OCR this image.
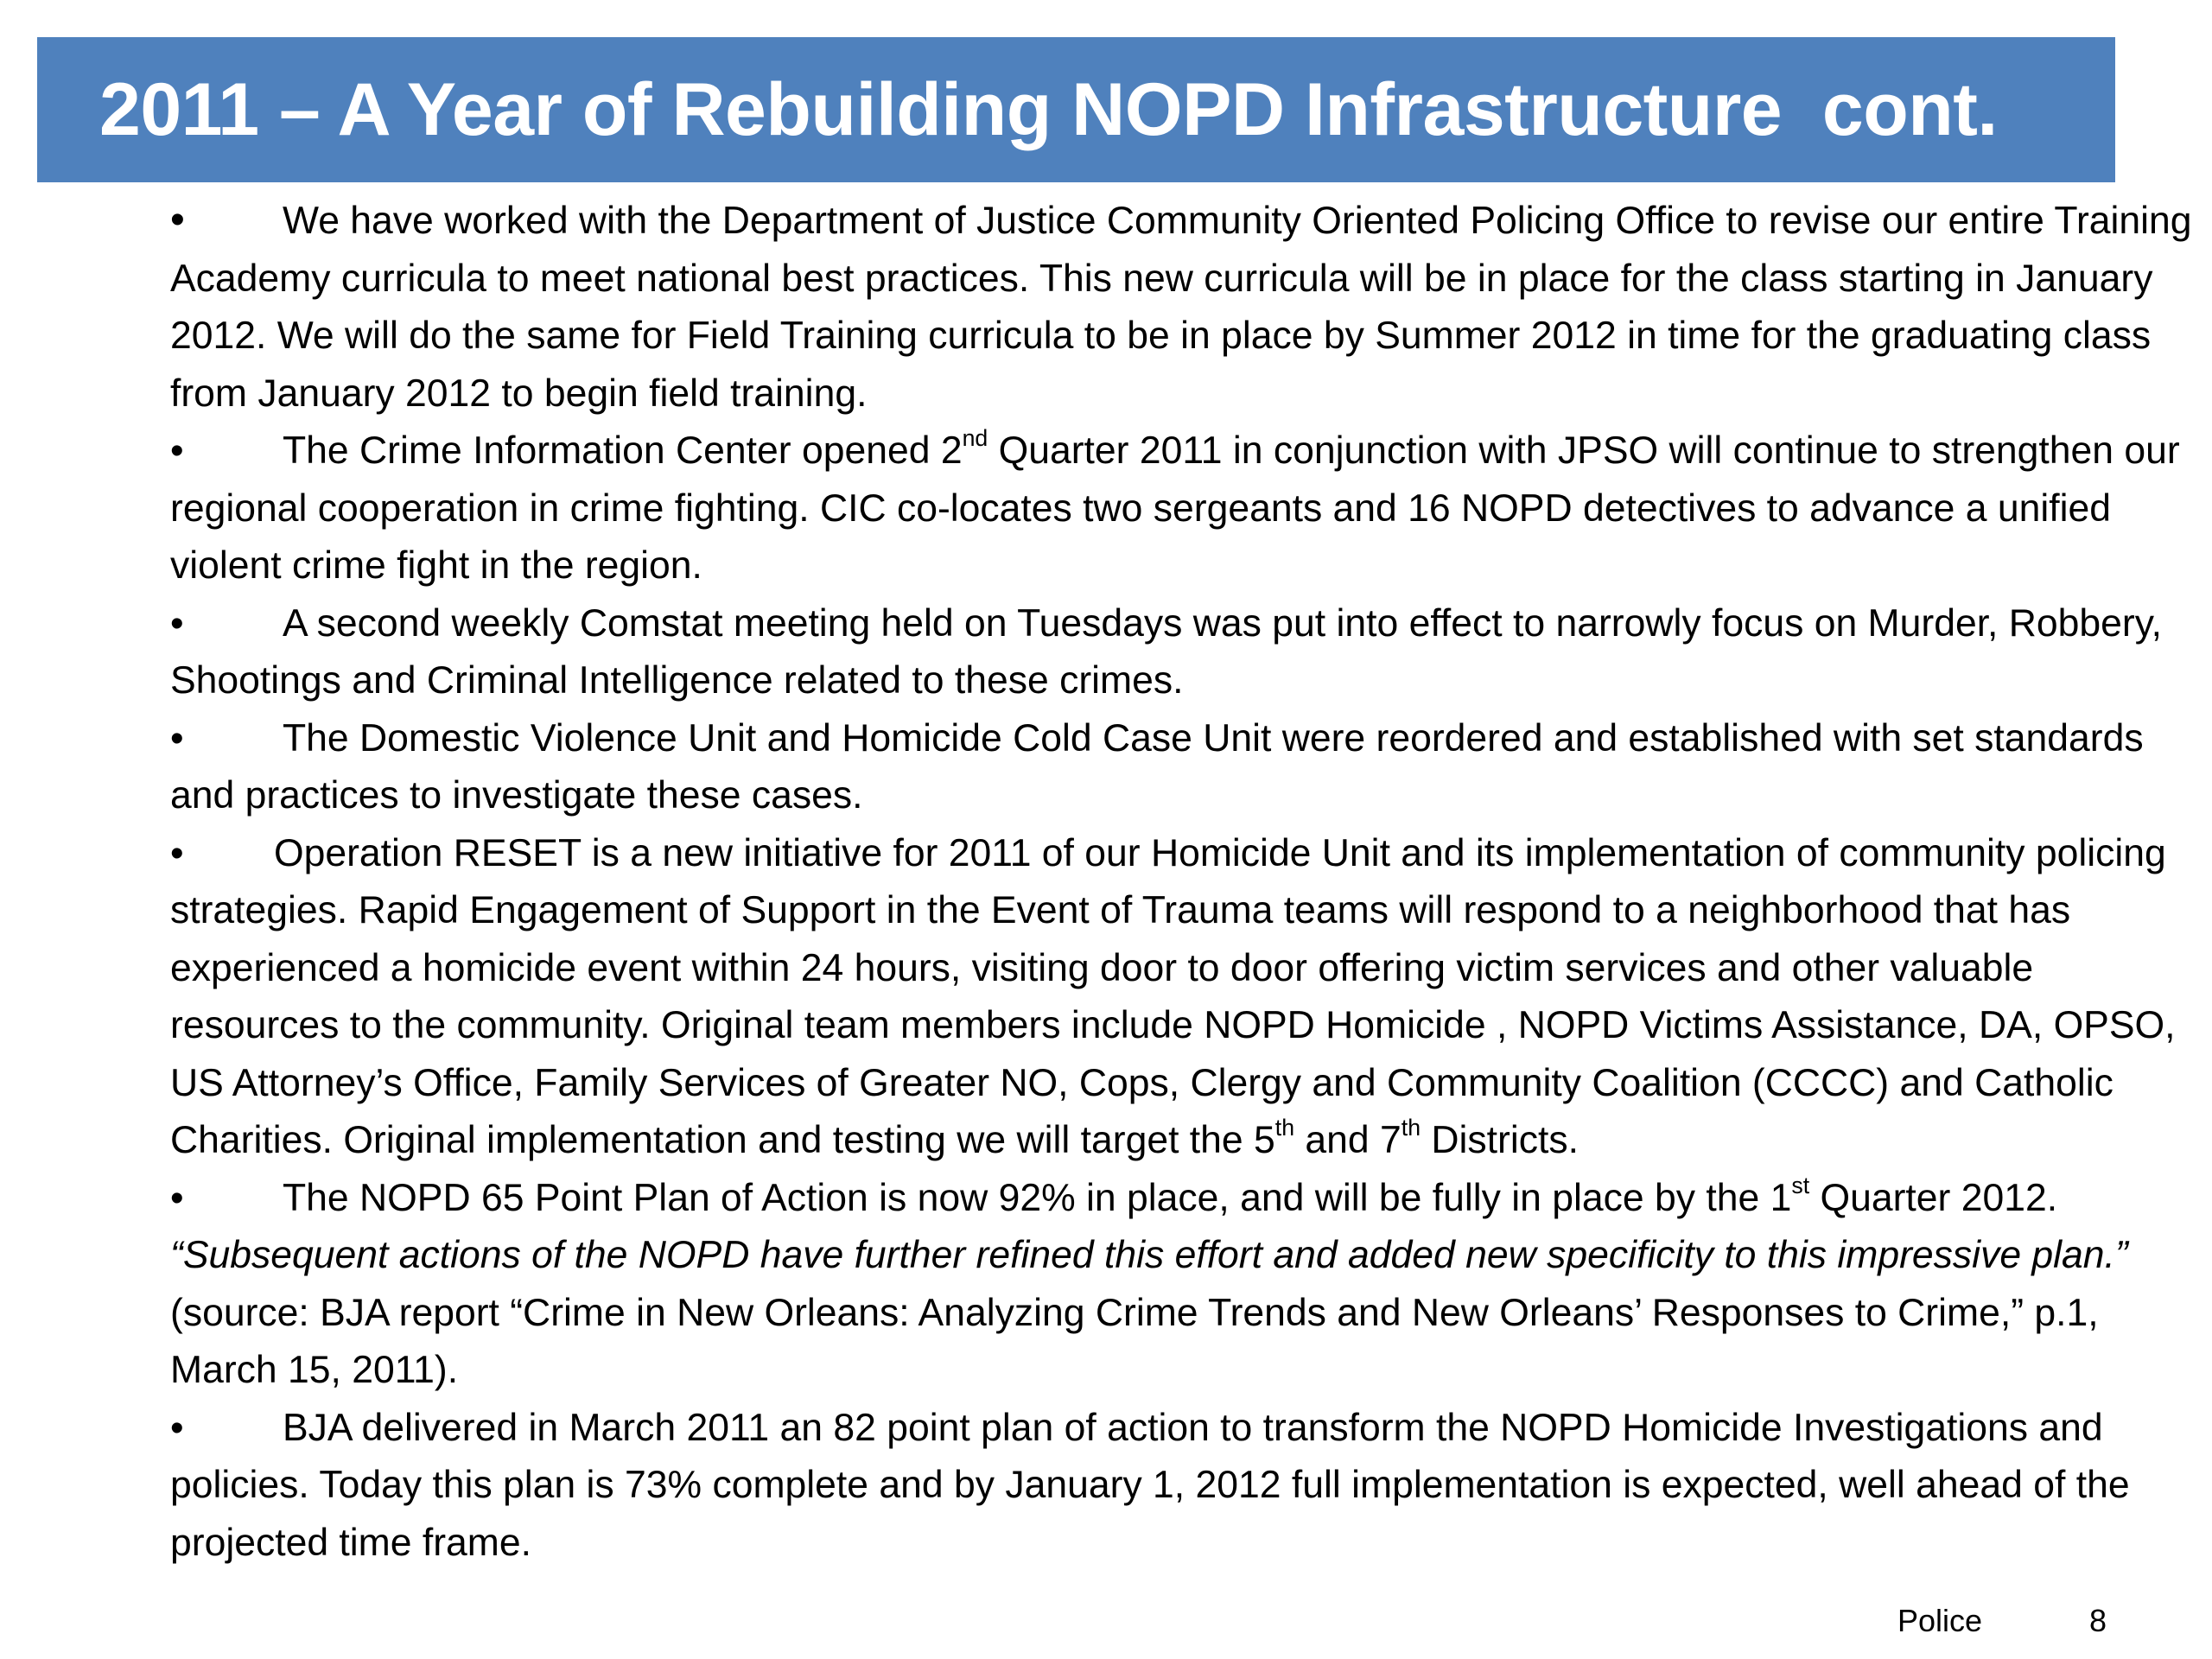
2011 – A Year of Rebuilding NOPD Infrastructure  cont.

•	We have worked with the Department of Justice Community Oriented Policing Office to revise our entire Training Academy curricula to meet national best practices. This new curricula will be in place for the class starting in January 2012. We will do the same for Field Training curricula to be in place by Summer 2012 in time for the graduating class from January 2012 to begin field training.

•	The Crime Information Center opened 2nd Quarter 2011 in conjunction with JPSO will continue to strengthen our regional cooperation in crime fighting. CIC co-locates two sergeants and 16 NOPD detectives to advance a unified violent crime fight in the region.

•	A second weekly Comstat meeting held on Tuesdays was put into effect to narrowly focus on Murder, Robbery, Shootings and Criminal Intelligence related to these crimes.

•	The Domestic Violence Unit and Homicide Cold Case Unit were reordered and established with set standards and practices to investigate these cases.

• Operation RESET is a new initiative for 2011 of our Homicide Unit and its implementation of community policing strategies. Rapid Engagement of Support in the Event of Trauma teams will respond to a neighborhood that has experienced a homicide event within 24 hours, visiting door to door offering victim services and other valuable resources to the community. Original team members include NOPD Homicide , NOPD Victims Assistance, DA, OPSO, US Attorney’s Office, Family Services of Greater NO, Cops, Clergy and Community Coalition (CCCC) and Catholic Charities. Original implementation and testing we will target the 5th and 7th Districts.

•	The NOPD 65 Point Plan of Action is now 92% in place, and will be fully in place by the 1st Quarter 2012. “Subsequent actions of the NOPD have further refined this effort and added new specificity to this impressive plan.” (source: BJA report “Crime in New Orleans: Analyzing Crime Trends and New Orleans’ Responses to Crime,” p.1, March 15, 2011).

•	BJA delivered in March 2011 an 82 point plan of action to transform the NOPD Homicide Investigations and policies. Today this plan is 73% complete and by January 1, 2012 full implementation is expected, well ahead of the projected time frame.

Police	8
